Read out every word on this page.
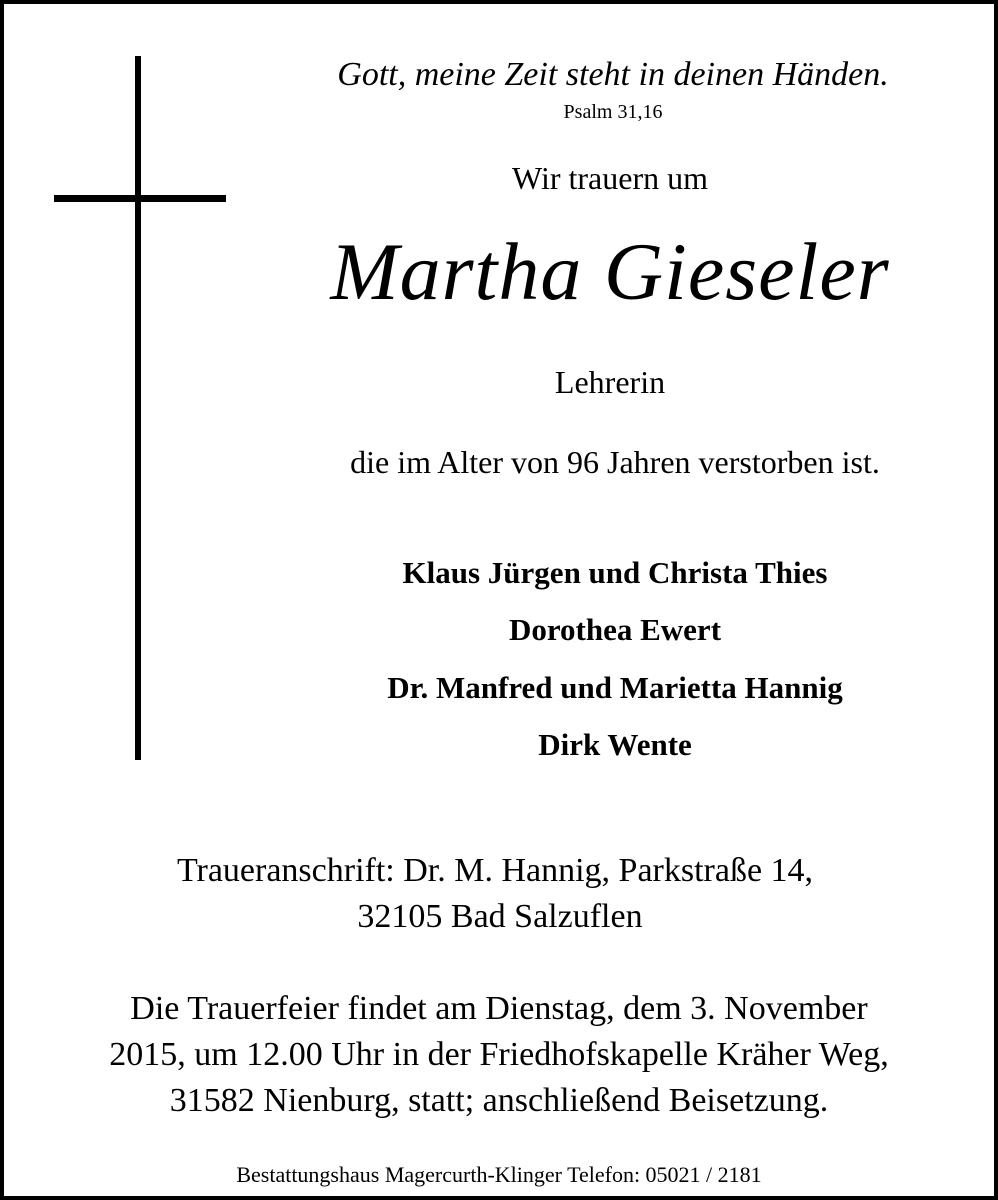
Gott, meine Zeit steht in deinen Händen.
Psalm 31,16
Wir trauern um
Martha Gieseler
Lehrerin
die im Alter von 96 Jahren verstorben ist.
Klaus Jürgen und Christa Thies
Dorothea Ewert
Dr. Manfred und Marietta Hannig
Dirk Wente
Traueranschrift: Dr. M. Hannig, Parkstraße 14,
32105 Bad Salzuflen
Die Trauerfeier findet am Dienstag, dem 3. November
2015, um 12.00 Uhr in der Friedhofskapelle Kräher Weg,
31582 Nienburg, statt; anschließend Beisetzung.
Bestattungshaus Magercurth-Klinger Telefon: 05021 / 2181
